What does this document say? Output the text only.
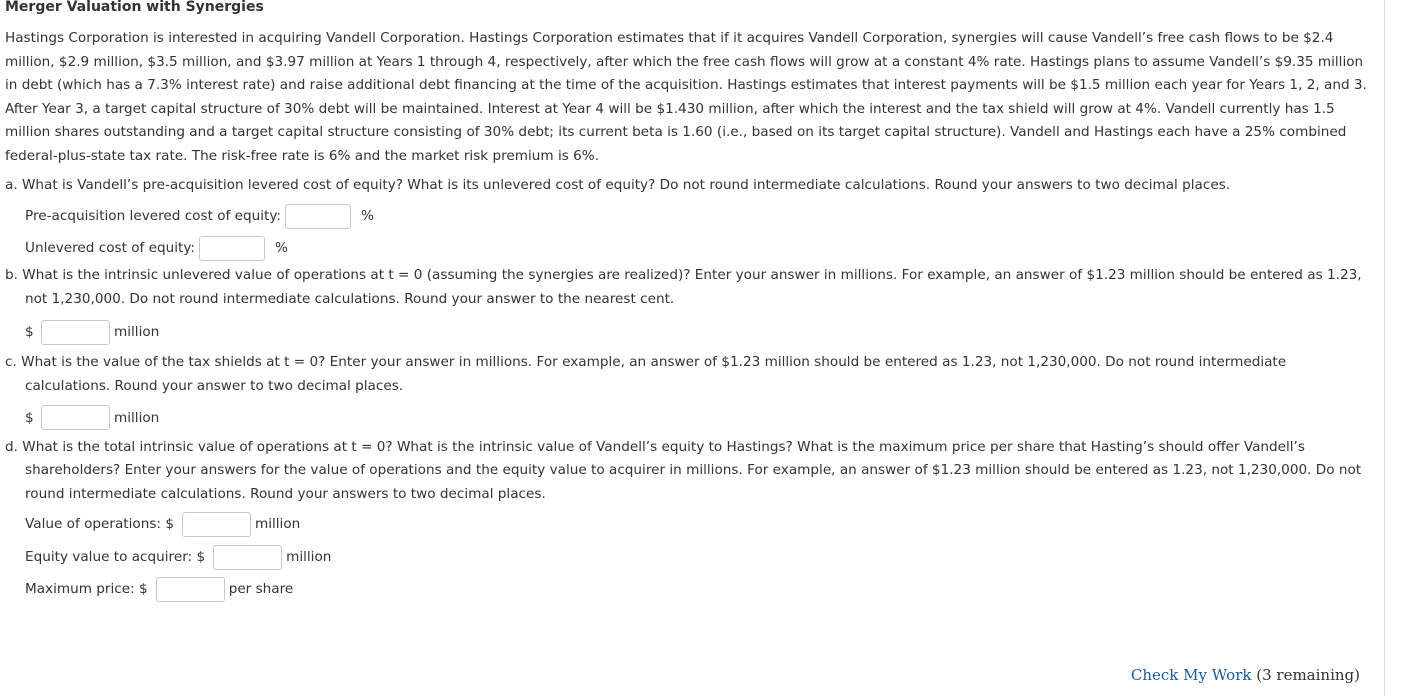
Merger Valuation with Synergies

Hastings Corporation is interested in acquiring Vandell Corporation. Hastings Corporation estimates that if it acquires Vandell Corporation, synergies will cause Vandell’s free cash flows to be $2.4 million, $2.9 million, $3.5 million, and $3.97 million at Years 1 through 4, respectively, after which the free cash flows will grow at a constant 4% rate. Hastings plans to assume Vandell’s $9.35 million in debt (which has a 7.3% interest rate) and raise additional debt financing at the time of the acquisition. Hastings estimates that interest payments will be $1.5 million each year for Years 1, 2, and 3. After Year 3, a target capital structure of 30% debt will be maintained. Interest at Year 4 will be $1.430 million, after which the interest and the tax shield will grow at 4%. Vandell currently has 1.5 million shares outstanding and a target capital structure consisting of 30% debt; its current beta is 1.60 (i.e., based on its target capital structure). Vandell and Hastings each have a 25% combined federal-plus-state tax rate. The risk-free rate is 6% and the market risk premium is 6%.

a. What is Vandell’s pre-acquisition levered cost of equity? What is its unlevered cost of equity? Do not round intermediate calculations. Round your answers to two decimal places.

Pre-acquisition levered cost of equity:	%
Unlevered cost of equity:	%

b. What is the intrinsic unlevered value of operations at t = 0 (assuming the synergies are realized)? Enter your answer in millions. For example, an answer of $1.23 million should be entered as 1.23,
not 1,230,000. Do not round intermediate calculations. Round your answer to the nearest cent.

$	million

c. What is the value of the tax shields at t = 0? Enter your answer in millions. For example, an answer of $1.23 million should be entered as 1.23, not 1,230,000. Do not round intermediate
calculations. Round your answer to two decimal places.

$	million

d. What is the total intrinsic value of operations at t = 0? What is the intrinsic value of Vandell’s equity to Hastings? What is the maximum price per share that Hasting’s should offer Vandell’s
shareholders? Enter your answers for the value of operations and the equity value to acquirer in millions. For example, an answer of $1.23 million should be entered as 1.23, not 1,230,000. Do not
round intermediate calculations. Round your answers to two decimal places.

Value of operations: $	million
Equity value to acquirer: $	million
Maximum price: $	per share
Check My Work (3 remaining)
